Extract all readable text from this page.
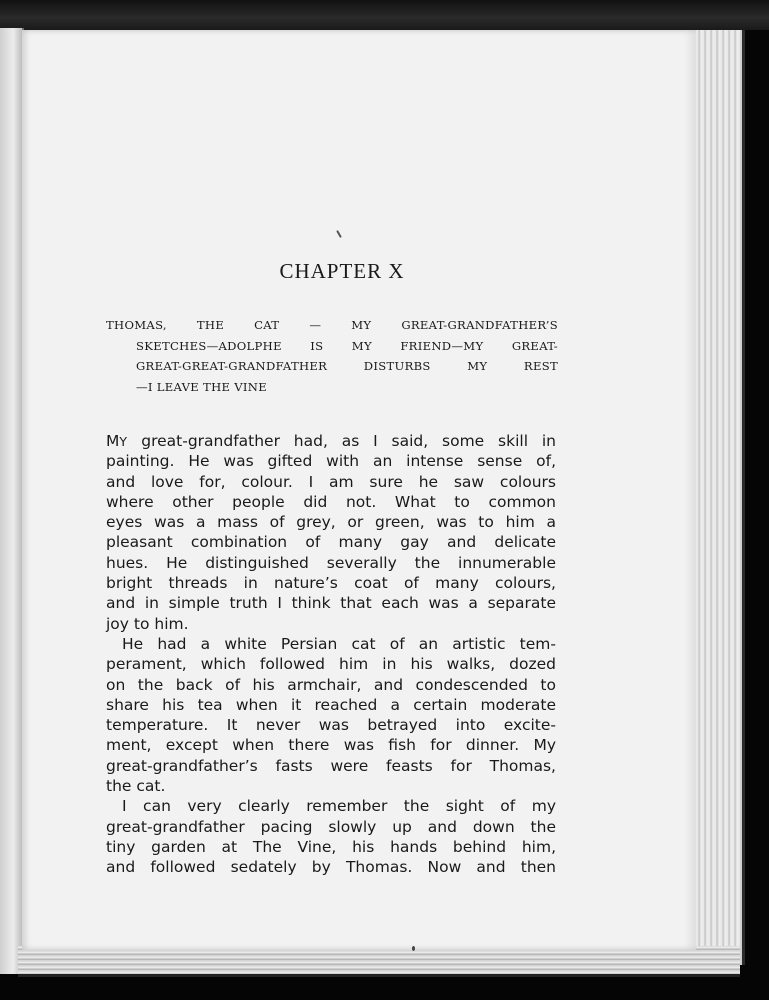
CHAPTER X

THOMAS, THE CAT — MY GREAT-GRANDFATHER’S
SKETCHES—ADOLPHE IS MY FRIEND—MY GREAT-
GREAT-GREAT-GRANDFATHER DISTURBS MY REST
—I LEAVE THE VINE

MY great-grandfather had, as I said, some skill in
painting. He was gifted with an intense sense of,
and love for, colour. I am sure he saw colours
where other people did not. What to common
eyes was a mass of grey, or green, was to him a
pleasant combination of many gay and delicate
hues. He distinguished severally the innumerable
bright threads in nature’s coat of many colours,
and in simple truth I think that each was a separate
joy to him.
He had a white Persian cat of an artistic tem-
perament, which followed him in his walks, dozed
on the back of his armchair, and condescended to
share his tea when it reached a certain moderate
temperature. It never was betrayed into excite-
ment, except when there was fish for dinner. My
great-grandfather’s fasts were feasts for Thomas,
the cat.
I can very clearly remember the sight of my
great-grandfather pacing slowly up and down the
tiny garden at The Vine, his hands behind him,
and followed sedately by Thomas. Now and then
